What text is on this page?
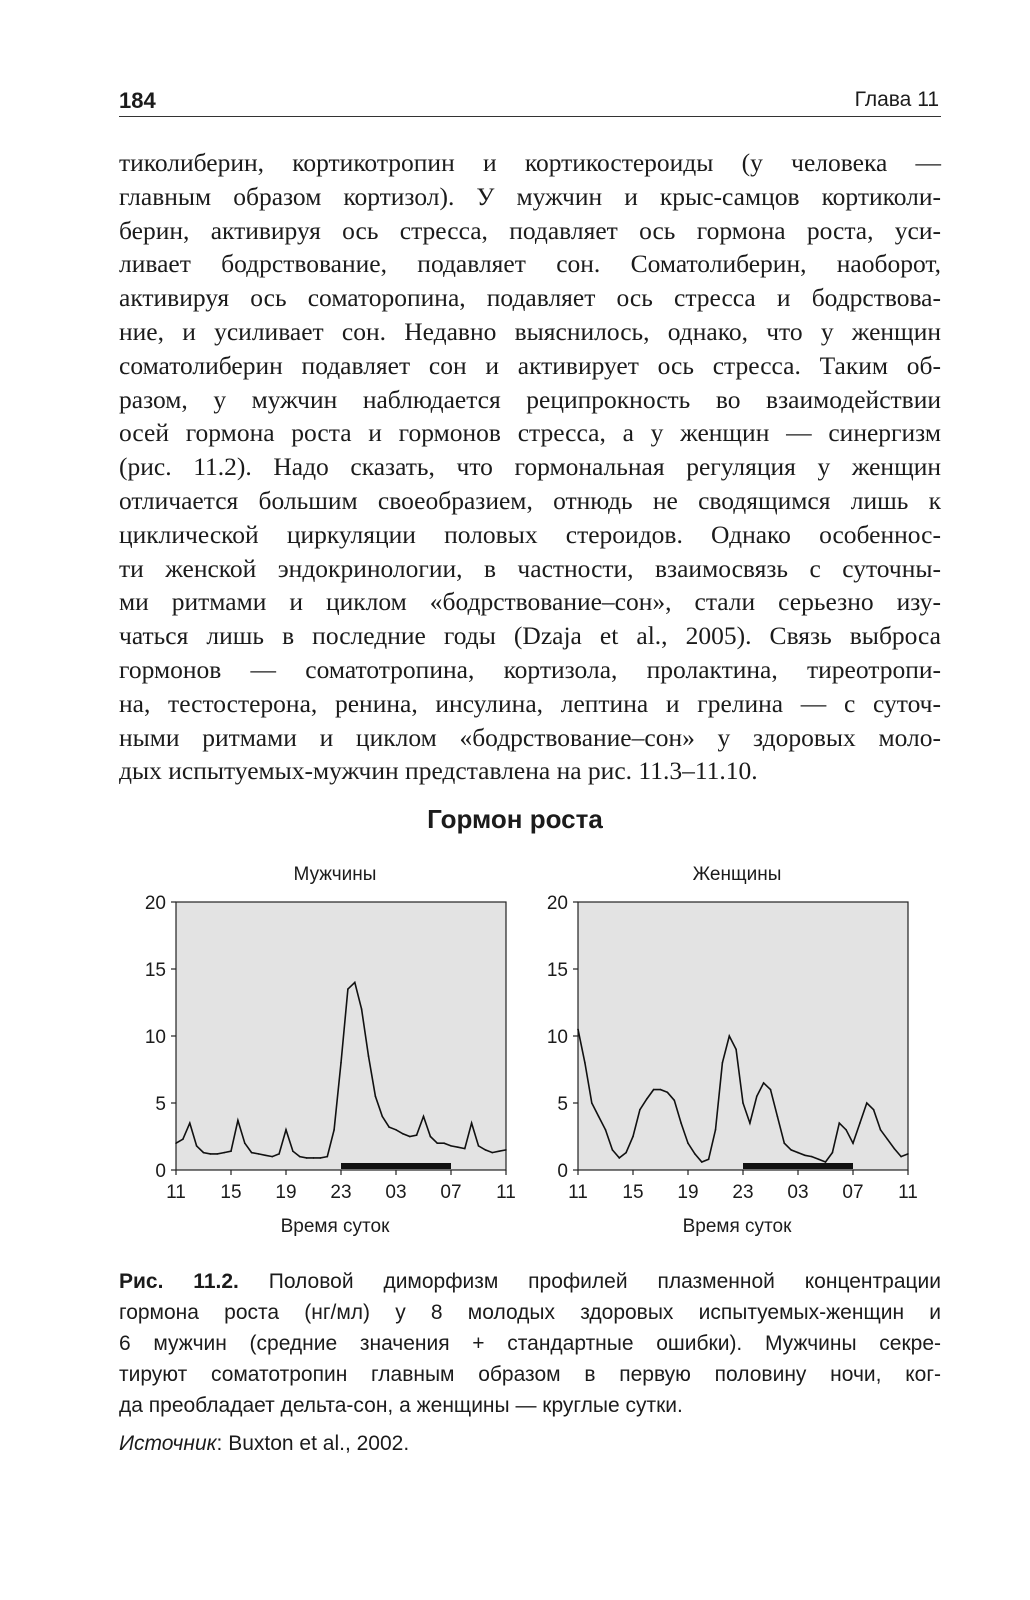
184	Глава 11
тиколиберин, кортикотропин и кортикостероиды (у человека —
главным образом кортизол). У мужчин и крыс-самцов кортиколи-
берин, активируя ось стресса, подавляет ось гормона роста, уси-
ливает бодрствование, подавляет сон. Соматолиберин, наоборот,
активируя ось соматоропина, подавляет ось стресса и бодрствова-
ние, и усиливает сон. Недавно выяснилось, однако, что у женщин
соматолиберин подавляет сон и активирует ось стресса. Таким об-
разом, у мужчин наблюдается реципрокность во взаимодействии
осей гормона роста и гормонов стресса, а у женщин — синергизм
(рис. 11.2). Надо сказать, что гормональная регуляция у женщин
отличается большим своеобразием, отнюдь не сводящимся лишь к
циклической циркуляции половых стероидов. Однако особеннос-
ти женской эндокринологии, в частности, взаимосвязь с суточны-
ми ритмами и циклом «бодрствование–сон», стали серьезно изу-
чаться лишь в последние годы (Dzaja et al., 2005). Связь выброса
гормонов — соматотропина, кортизола, пролактина, тиреотропи-
на, тестостерона, ренина, инсулина, лептина и грелина — с суточ-
ными ритмами и циклом «бодрствование–сон» у здоровых моло-
дых испытуемых-мужчин представлена на рис. 11.3–11.10.
Гормон роста
Мужчины
0
5
10
15
20
11 15 19 23 03 07 11
Время суток
Женщины
0
5
10
15
20
11 15 19 23 03 07 11
Время суток
Рис. 11.2. Половой диморфизм профилей плазменной концентрации
гормона роста (нг/мл) у 8 молодых здоровых испытуемых-женщин и
6 мужчин (средние значения + стандартные ошибки). Мужчины секре-
тируют соматотропин главным образом в первую половину ночи, ког-
да преобладает дельта-сон, а женщины — круглые сутки.
Источник: Buxton et al., 2002.
